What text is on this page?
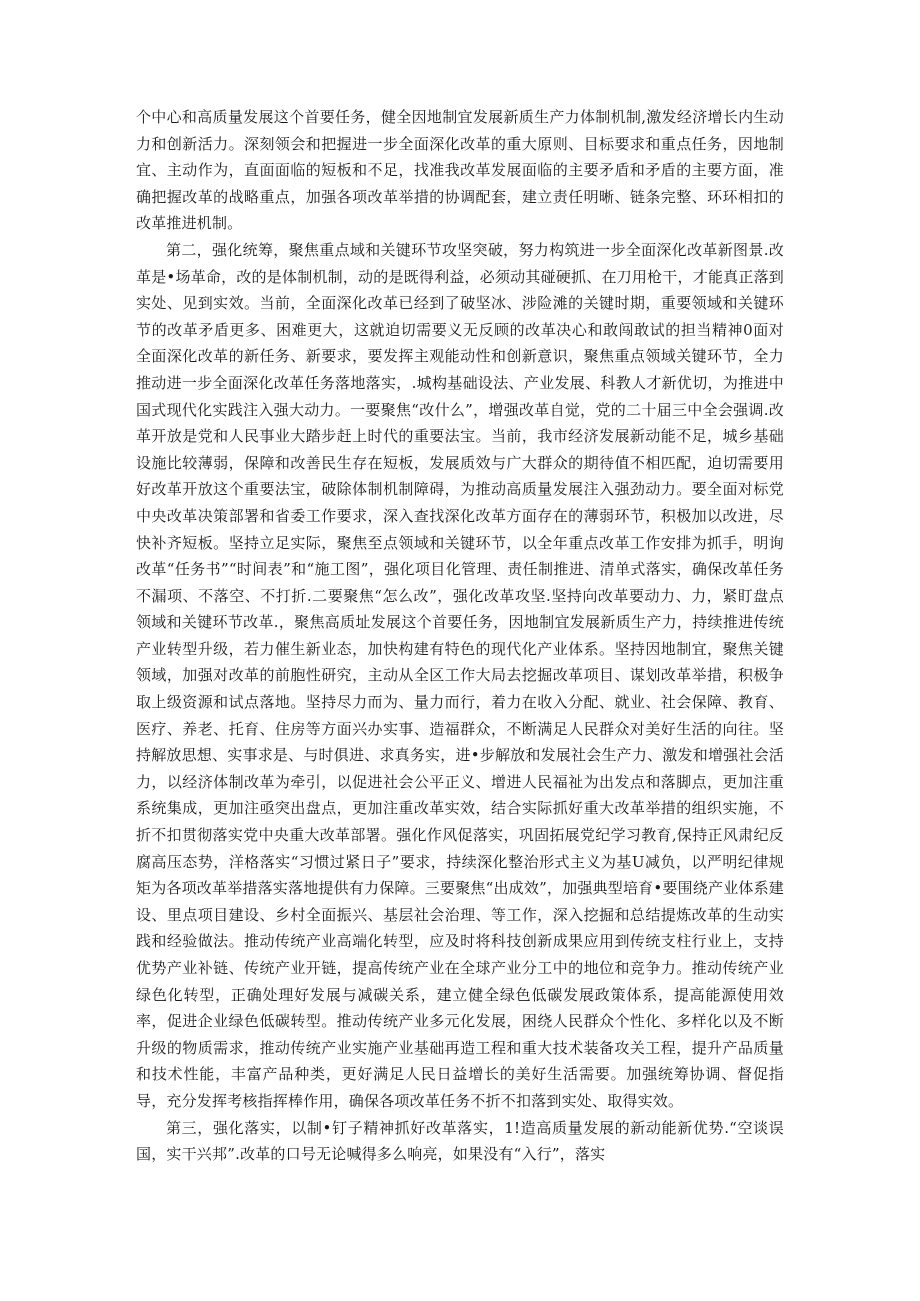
个中心和高质量发展这个首要任务，健全因地制宜发展新质生产力体制机制,激发经济增长内生动力和创新活力。深刻领会和把握进一步全面深化改革的重大原则、目标要求和重点任务，因地制宜、主动作为，直面面临的短板和不足，找准我改革发展面临的主要矛盾和矛盾的主要方面，准确把握改革的战略重点，加强各项改革举措的协调配套，建立责任明晰、链条完整、环环相扣的改革推进机制。

第二，强化统筹，聚焦重点域和关键环节攻坚突破，努力构筑进一步全面深化改革新图景.改革是•场革命，改的是体制机制，动的是既得利益，必须动其碰硬抓、在刀用枪干，才能真正落到实处、见到实效。当前，全面深化改革已经到了破坚冰、涉险滩的关键时期，重要领域和关键环节的改革矛盾更多、困难更大，这就迫切需要义无反顾的改革决心和敢闯敢试的担当精神0面对全面深化改革的新任务、新要求，要发挥主观能动性和创新意识，聚焦重点领域关键环节，全力推动进一步全面深化改革任务落地落实，.城构基础设法、产业发展、科教人才新优切，为推进中国式现代化实践注入强大动力。一要聚焦“改什么”，增强改革自觉，党的二十届三中全会强调.改革开放是党和人民事业大踏步赶上时代的重要法宝。当前，我市经济发展新动能不足，城乡基础设施比较薄弱，保障和改善民生存在短板，发展质效与广大群众的期待值不相匹配，迫切需要用好改革开放这个重要法宝，破除体制机制障碍，为推动高质量发展注入强劲动力。要全面对标党中央改革决策部署和省委工作要求，深入查找深化改革方面存在的薄弱环节，积极加以改进，尽快补齐短板。坚持立足实际，聚焦至点领域和关键环节，以全年重点改革工作安排为抓手，明询改革“任务书”“时间表”和“施工图”，强化项目化管理、责任制推进、清单式落实，确保改革任务不漏项、不落空、不打折.二要聚焦“怎么改”，强化改革攻坚.坚持向改革要动力、力，紧盯盘点领域和关键环节改革.，聚焦高质址发展这个首要任务，因地制宜发展新质生产力，持续推进传统产业转型升级，若力催生新业态，加快构建有特色的现代化产业体系。坚持因地制宜，聚焦关键领域，加强对改革的前胞性研究，主动从全区工作大局去挖掘改革项目、谋划改革举措，积极争取上级资源和试点落地。坚持尽力而为、量力而行，着力在收入分配、就业、社会保障、教育、医疗、养老、托育、住房等方面兴办实事、造福群众，不断满足人民群众对美好生活的向往。坚持解放思想、实事求是、与时俱进、求真务实，进•步解放和发展社会生产力、激发和增强社会活力，以经济体制改革为牵引，以促进社会公平正义、增进人民福祉为出发点和落脚点，更加注重系统集成，更加注亟突出盘点，更加注重改革实效，结合实际抓好重大改革举措的组织实施，不折不扣贯彻落实党中央重大改革部署。强化作风促落实，巩固拓展党纪学习教育,保持正风肃纪反腐高压态势，洋格落实“习惯过紧日子”要求，持续深化整治形式主义为基U减负，以严明纪律规矩为各项改革举措落实落地提供有力保障。三要聚焦“出成效”，加强典型培育•要围绕产业体系建设、里点项目建设、乡村全面振兴、基层社会治理、等工作，深入挖掘和总结提炼改革的生动实践和经验做法。推动传统产业高端化转型，应及时将科技创新成果应用到传统支柱行业上，支持优势产业补链、传统产业开链，提高传统产业在全球产业分工中的地位和竞争力。推动传统产业绿色化转型，正确处理好发展与减碳关系，建立健全绿色低碳发展政策体系，提高能源使用效率，促进企业绿色低碳转型。推动传统产业多元化发展，困绕人民群众个性化、多样化以及不断升级的物质需求，推动传统产业实施产业基础再造工程和重大技术装备攻关工程，提升产品质量和技术性能，丰富产品种类，更好满足人民日益增长的美好生活需要。加强统筹协调、督促指导，充分发挥考核指挥棒作用，确保各项改革任务不折不扣落到实处、取得实效。

第三，强化落实，以制•钉子精神抓好改革落实，1!造高质量发展的新动能新优势.“空谈误国，实干兴邦”.改革的口号无论喊得多么响亮，如果没有“入行”，落实
